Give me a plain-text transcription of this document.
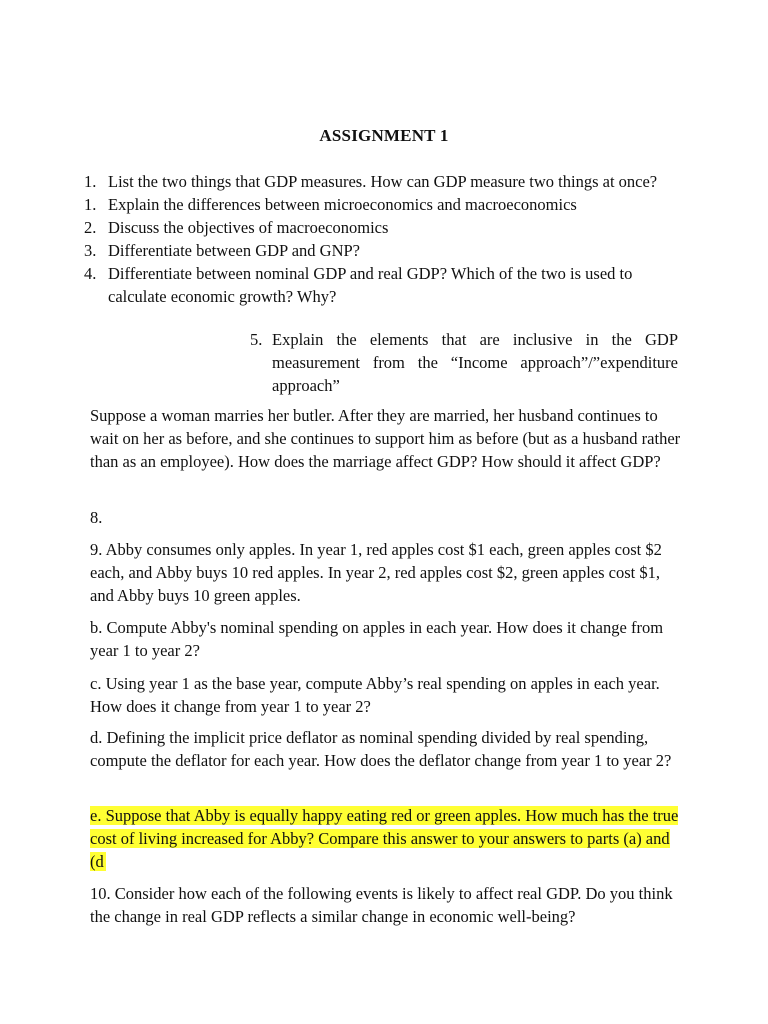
ASSIGNMENT 1
1. List the two things that GDP measures. How can GDP measure two things at once?
1. Explain the differences between microeconomics and macroeconomics
2. Discuss the objectives of macroeconomics
3. Differentiate between GDP and GNP?
4. Differentiate between nominal GDP and real GDP? Which of the two is used to calculate economic growth? Why?
5. Explain the elements that are inclusive in the GDP measurement from the “Income approach”/”expenditure approach”

Suppose a woman marries her butler. After they are married, her husband continues to wait on her as before, and she continues to support him as before (but as a husband rather than as an employee). How does the marriage affect GDP? How should it affect GDP?

8.

9. Abby consumes only apples. In year 1, red apples cost $1 each, green apples cost $2 each, and Abby buys 10 red apples. In year 2, red apples cost $2, green apples cost $1, and Abby buys 10 green apples.

b. Compute Abby's nominal spending on apples in each year. How does it change from year 1 to year 2?

c. Using year 1 as the base year, compute Abby’s real spending on apples in each year. How does it change from year 1 to year 2?

d. Defining the implicit price deflator as nominal spending divided by real spending, compute the deflator for each year. How does the deflator change from year 1 to year 2?

e. Suppose that Abby is equally happy eating red or green apples. How much has the true cost of living increased for Abby? Compare this answer to your answers to parts (a) and (d

10. Consider how each of the following events is likely to affect real GDP. Do you think the change in real GDP reflects a similar change in economic well-being?
